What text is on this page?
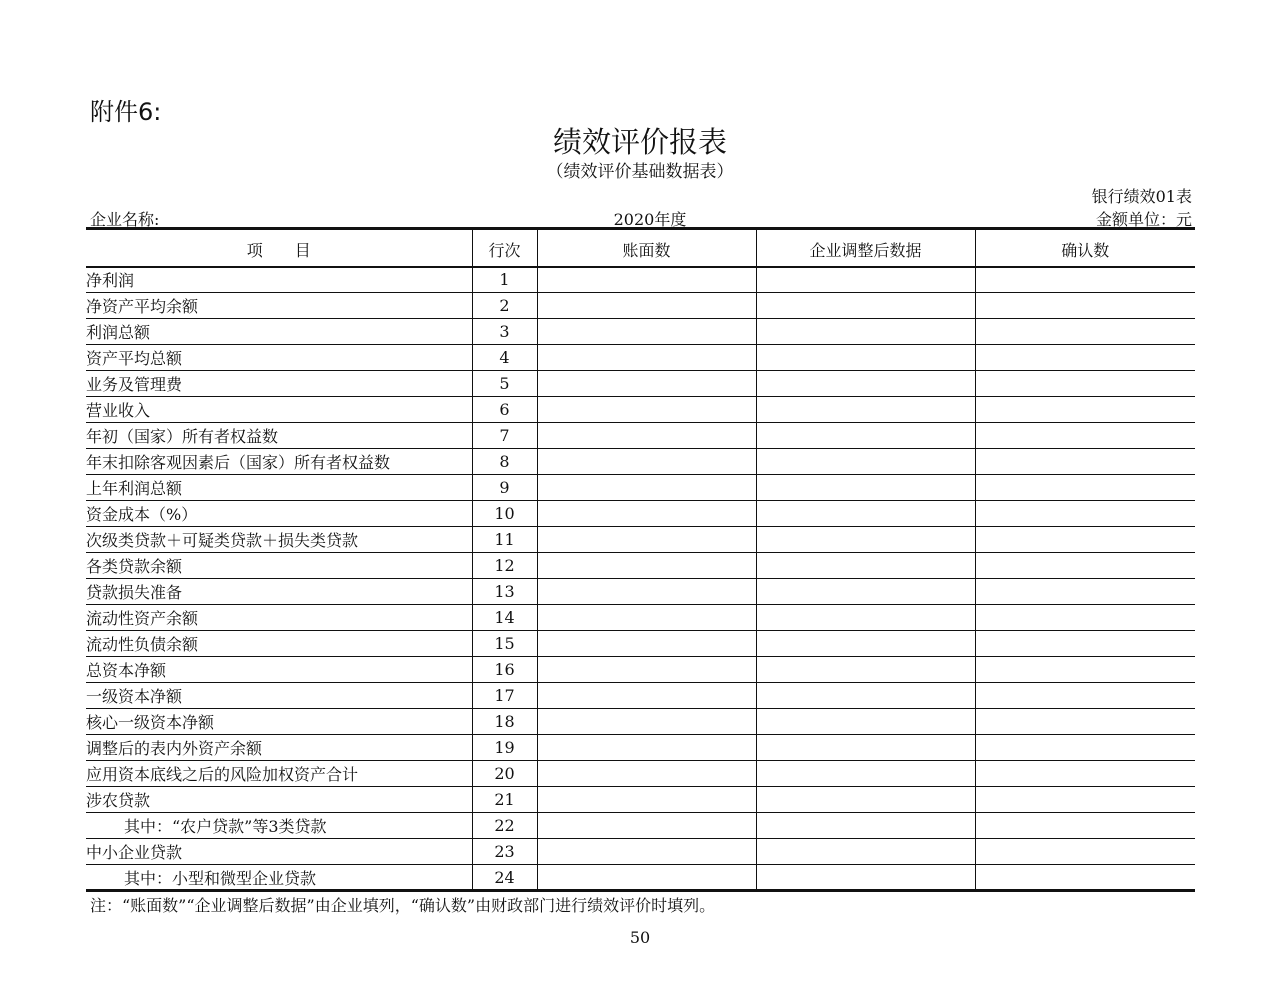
附件6:
绩效评价报表
（绩效评价基础数据表）
银行绩效01表
企业名称:	2020年度	金额单位：元
项　　目	行次	账面数	企业调整后数据	确认数
净利润	1			
净资产平均余额	2			
利润总额	3			
资产平均总额	4			
业务及管理费	5			
营业收入	6			
年初（国家）所有者权益数	7			
年末扣除客观因素后（国家）所有者权益数	8			
上年利润总额	9			
资金成本（%）	10			
次级类贷款＋可疑类贷款＋损失类贷款	11			
各类贷款余额	12			
贷款损失准备	13			
流动性资产余额	14			
流动性负债余额	15			
总资本净额	16			
一级资本净额	17			
核心一级资本净额	18			
调整后的表内外资产余额	19			
应用资本底线之后的风险加权资产合计	20			
涉农贷款	21			
其中：“农户贷款”等3类贷款	22			
中小企业贷款	23			
其中：小型和微型企业贷款	24			
注：“账面数”“企业调整后数据”由企业填列，“确认数”由财政部门进行绩效评价时填列。
50
